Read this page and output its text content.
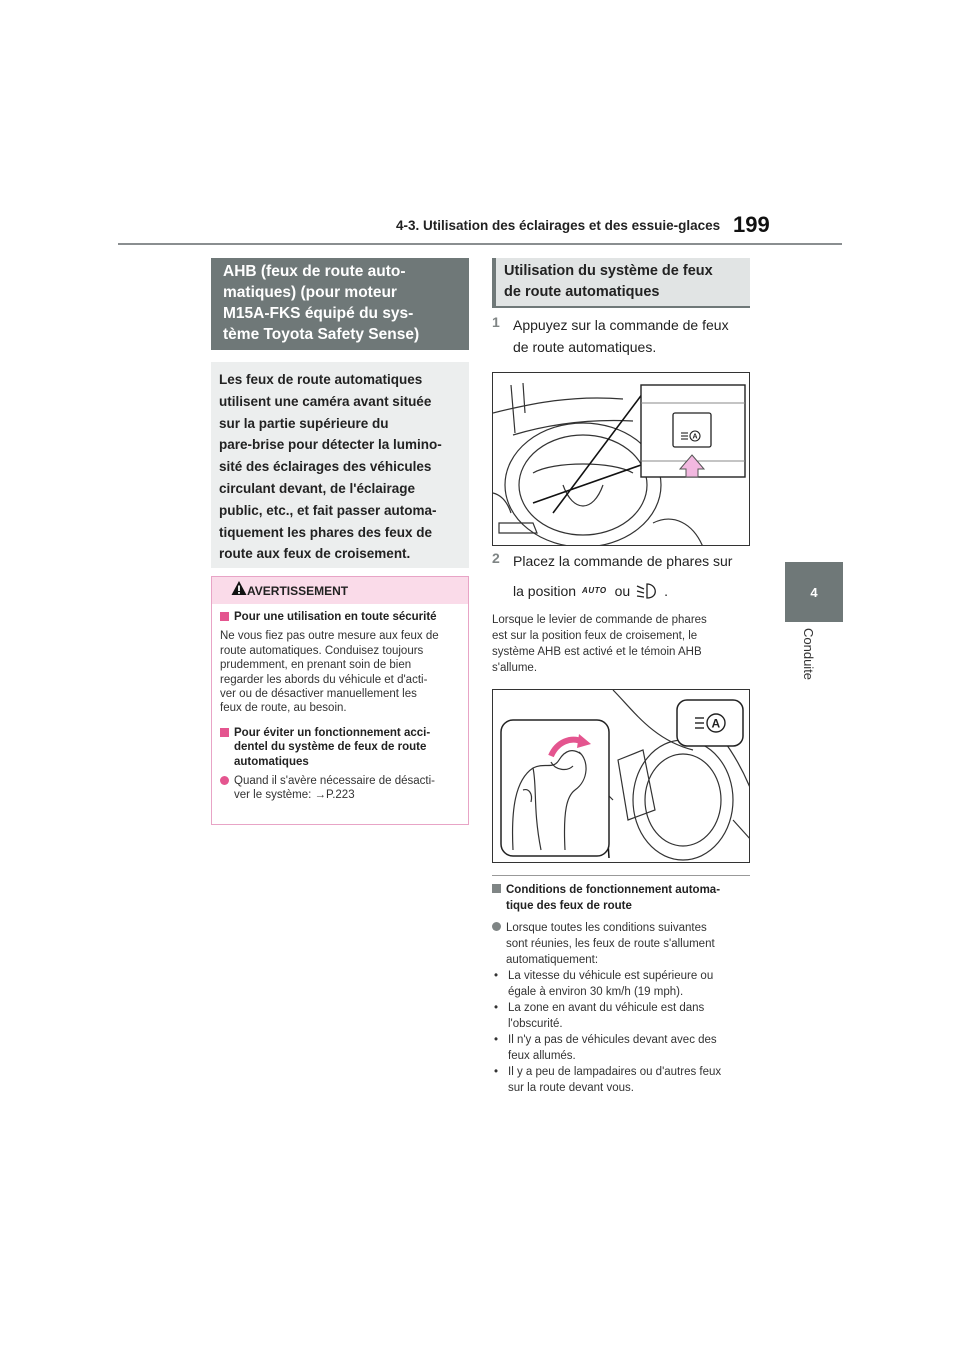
4-3. Utilisation des éclairages et des essuie-glaces 199
4
Conduite
AHB (feux de route auto-
matiques) (pour moteur
M15A-FKS équipé du sys-
tème Toyota Safety Sense)

Les feux de route automatiques

utilisent une caméra avant située

sur la partie supérieure du

pare-brise pour détecter la lumino-

sité des éclairages des véhicules

circulant devant, de l'éclairage

public, etc., et fait passer automa-

tiquement les phares des feux de

route aux feux de croisement.

AVERTISSEMENT
Pour une utilisation en toute sécurité
Ne vous fiez pas outre mesure aux feux de
route automatiques. Conduisez toujours
prudemment, en prenant soin de bien
regarder les abords du véhicule et d'acti-
ver ou de désactiver manuellement les
feux de route, au besoin.
Pour éviter un fonctionnement acci-
dentel du système de feux de route
automatiques
Quand il s'avère nécessaire de désacti-
ver le système: →P.223
Utilisation du système de feux
de route automatiques
1 Appuyez sur la commande de feux
de route automatiques.
A
2 Placez la commande de phares sur
la position AUTO ou .
Lorsque le levier de commande de phares
est sur la position feux de croisement, le
système AHB est activé et le témoin AHB
s'allume.
A
Conditions de fonctionnement automa-
tique des feux de route
Lorsque toutes les conditions suivantes
sont réunies, les feux de route s'allument
automatiquement:
• La vitesse du véhicule est supérieure ou
égale à environ 30 km/h (19 mph).
• La zone en avant du véhicule est dans
l'obscurité.
• Il n'y a pas de véhicules devant avec des
feux allumés.
• Il y a peu de lampadaires ou d'autres feux
sur la route devant vous.
